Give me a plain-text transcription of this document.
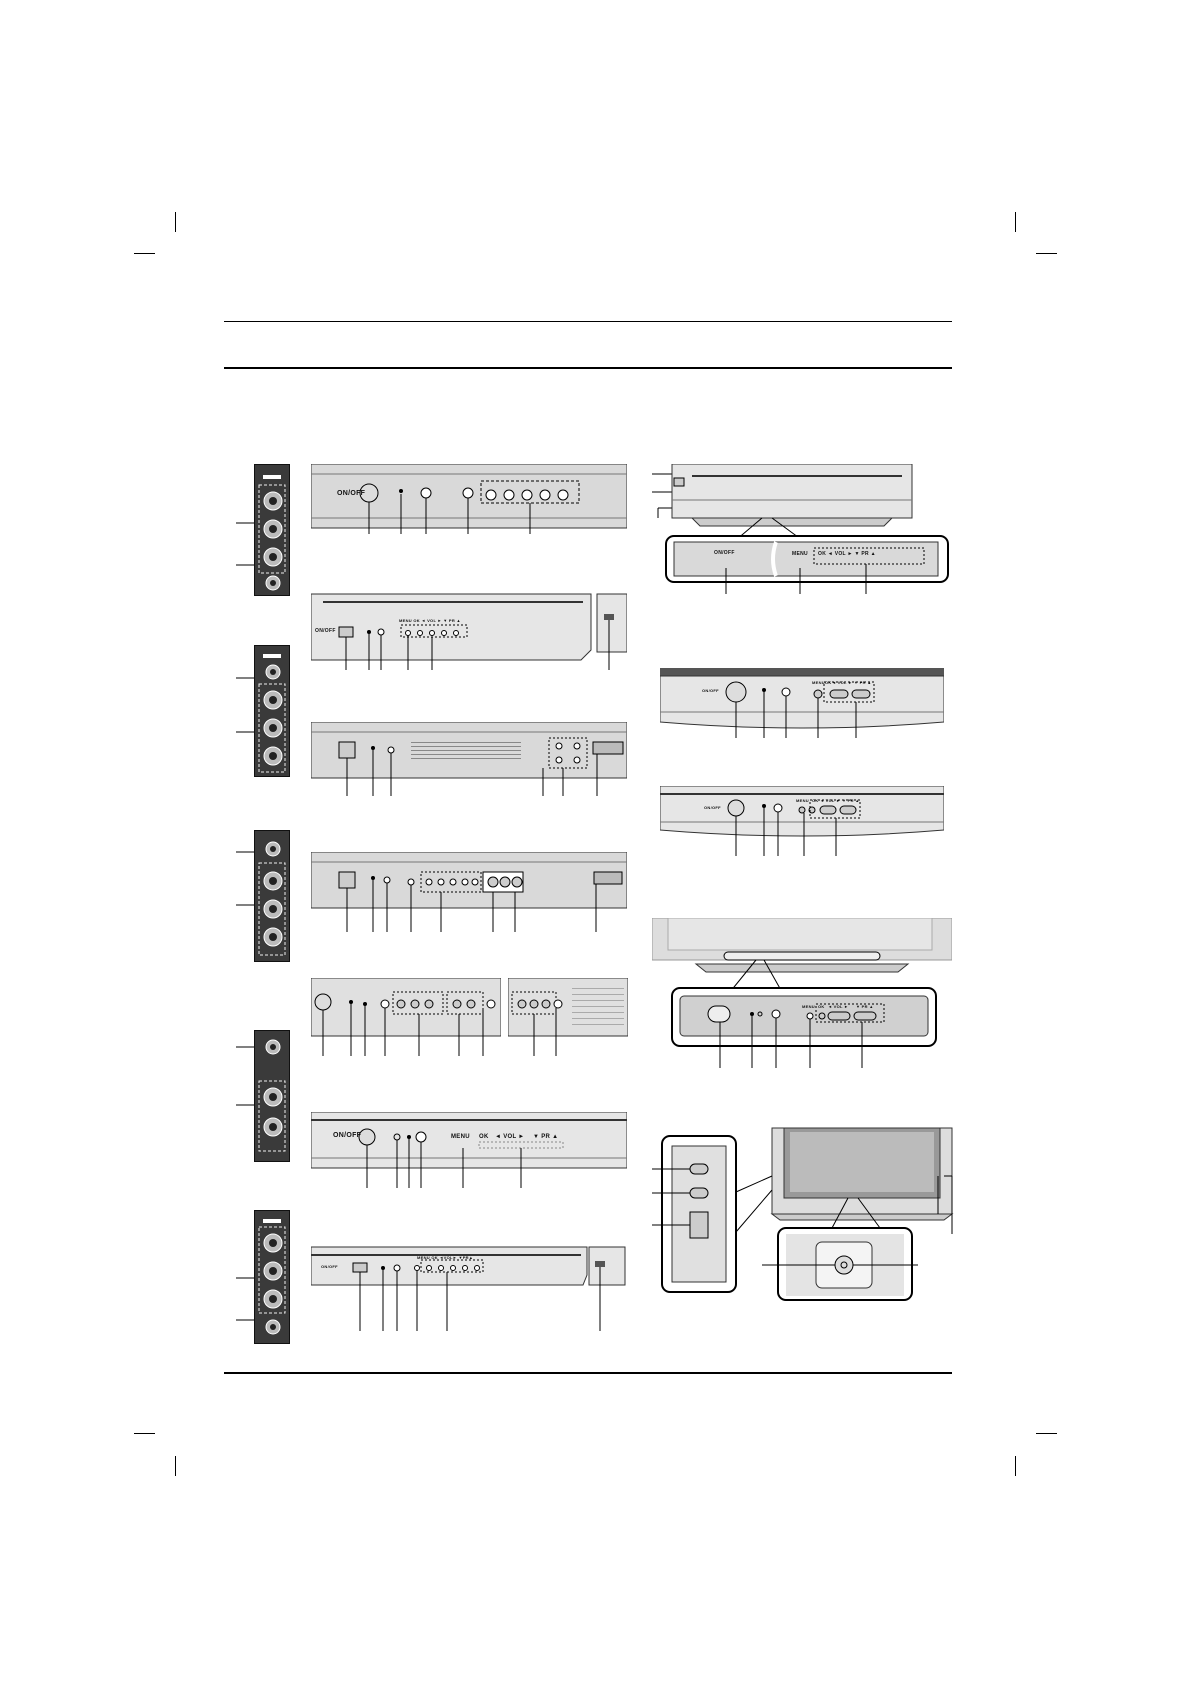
ON/OFF
ON/OFF
MENU OK ◄ VOL ► ▼ PR ▲
ON/OFF	MENU OK ◄ VOL ► ▼ PR ▲
ON/OFF
MENU OK ◄VOL► ▼PR▲
ON/OFF	MENU OK ◄ VOL ► ▼ PR ▲
ON/OFF
MENU OK ◄ VOL ► ▼ PR ▲
ON/OFF
MENU OK ◄ VOL ► ▼ PR ▲
MENU OK ◄ VOL ► ▼ PR ▲
